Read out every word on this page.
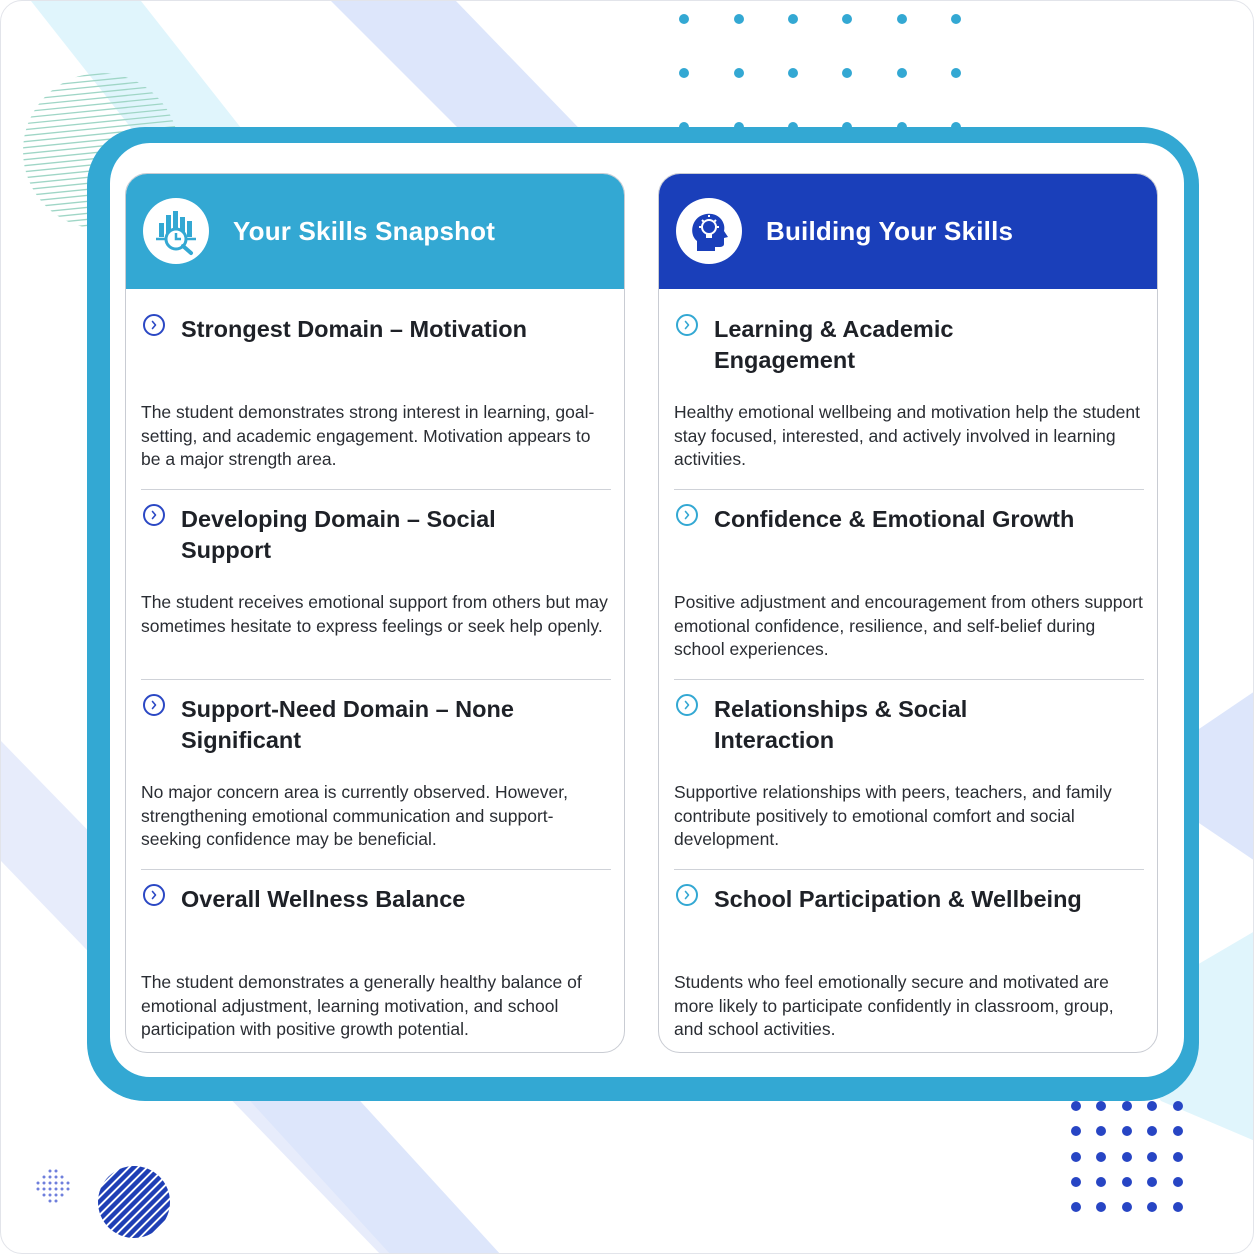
Your Skills Snapshot
Strongest Domain – Motivation
The student demonstrates strong interest in learning, goal-setting, and academic engagement. Motivation appears to be a major strength area.
Developing Domain – Social Support
The student receives emotional support from others but may sometimes hesitate to express feelings or seek help openly.
Support-Need Domain – None Significant
No major concern area is currently observed. However, strengthening emotional communication and support-seeking confidence may be beneficial.
Overall Wellness Balance
The student demonstrates a generally healthy balance of emotional adjustment, learning motivation, and school participation with positive growth potential.
Building Your Skills
Learning & Academic Engagement
Healthy emotional wellbeing and motivation help the student stay focused, interested, and actively involved in learning activities.
Confidence & Emotional Growth
Positive adjustment and encouragement from others support emotional confidence, resilience, and self-belief during school experiences.
Relationships & Social Interaction
Supportive relationships with peers, teachers, and family contribute positively to emotional comfort and social development.
School Participation & Wellbeing
Students who feel emotionally secure and motivated are more likely to participate confidently in classroom, group, and school activities.
